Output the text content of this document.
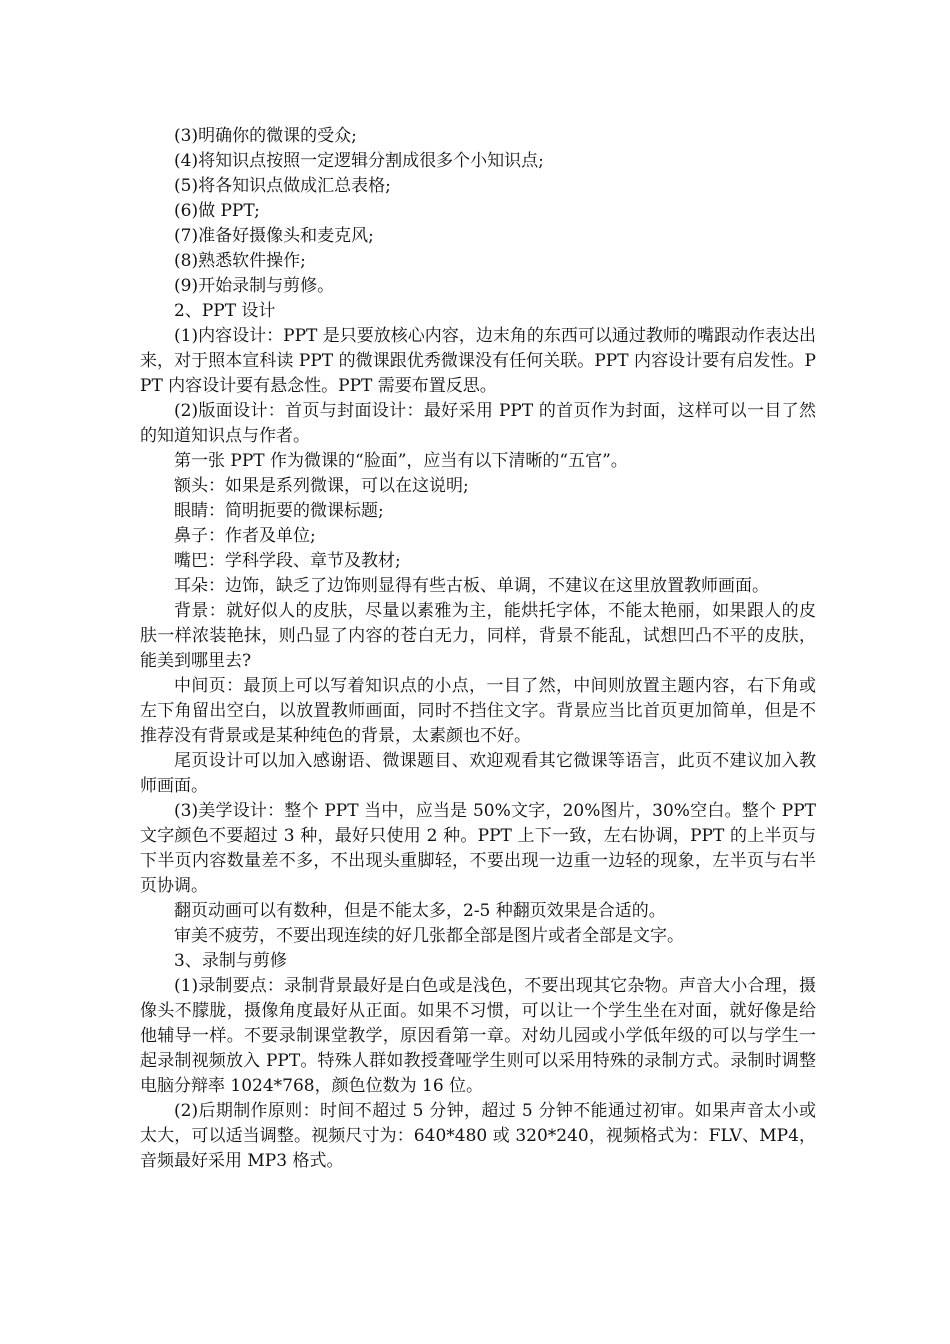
(3)明确你的微课的受众;

(4)将知识点按照一定逻辑分割成很多个小知识点;

(5)将各知识点做成汇总表格;

(6)做 PPT;

(7)准备好摄像头和麦克风;

(8)熟悉软件操作;

(9)开始录制与剪修。

2、PPT 设计

(1)内容设计：PPT 是只要放核心内容，边末角的东西可以通过教师的嘴跟动作表达出来，对于照本宣科读 PPT 的微课跟优秀微课没有任何关联。PPT 内容设计要有启发性。PPT 内容设计要有悬念性。PPT 需要布置反思。

(2)版面设计：首页与封面设计：最好采用 PPT 的首页作为封面，这样可以一目了然的知道知识点与作者。

第一张 PPT 作为微课的“脸面”，应当有以下清晰的“五官”。

额头：如果是系列微课，可以在这说明;

眼睛：简明扼要的微课标题;

鼻子：作者及单位;

嘴巴：学科学段、章节及教材;

耳朵：边饰，缺乏了边饰则显得有些古板、单调，不建议在这里放置教师画面。

背景：就好似人的皮肤，尽量以素雅为主，能烘托字体，不能太艳丽，如果跟人的皮肤一样浓装艳抹，则凸显了内容的苍白无力，同样，背景不能乱，试想凹凸不平的皮肤，能美到哪里去?

中间页：最顶上可以写着知识点的小点，一目了然，中间则放置主题内容，右下角或左下角留出空白，以放置教师画面，同时不挡住文字。背景应当比首页更加简单，但是不推荐没有背景或是某种纯色的背景，太素颜也不好。

尾页设计可以加入感谢语、微课题目、欢迎观看其它微课等语言，此页不建议加入教师画面。

(3)美学设计：整个 PPT 当中，应当是 50%文字，20%图片，30%空白。整个 PPT 文字颜色不要超过 3 种，最好只使用 2 种。PPT 上下一致，左右协调，PPT 的上半页与下半页内容数量差不多，不出现头重脚轻，不要出现一边重一边轻的现象，左半页与右半页协调。

翻页动画可以有数种，但是不能太多，2-5 种翻页效果是合适的。

审美不疲劳，不要出现连续的好几张都全部是图片或者全部是文字。

3、录制与剪修

(1)录制要点：录制背景最好是白色或是浅色，不要出现其它杂物。声音大小合理，摄像头不朦胧，摄像角度最好从正面。如果不习惯，可以让一个学生坐在对面，就好像是给他辅导一样。不要录制课堂教学，原因看第一章。对幼儿园或小学低年级的可以与学生一起录制视频放入 PPT。特殊人群如教授聋哑学生则可以采用特殊的录制方式。录制时调整电脑分辩率 1024*768，颜色位数为 16 位。

(2)后期制作原则：时间不超过 5 分钟，超过 5 分钟不能通过初审。如果声音太小或太大，可以适当调整。视频尺寸为：640*480 或 320*240，视频格式为：FLV、MP4，音频最好采用 MP3 格式。
